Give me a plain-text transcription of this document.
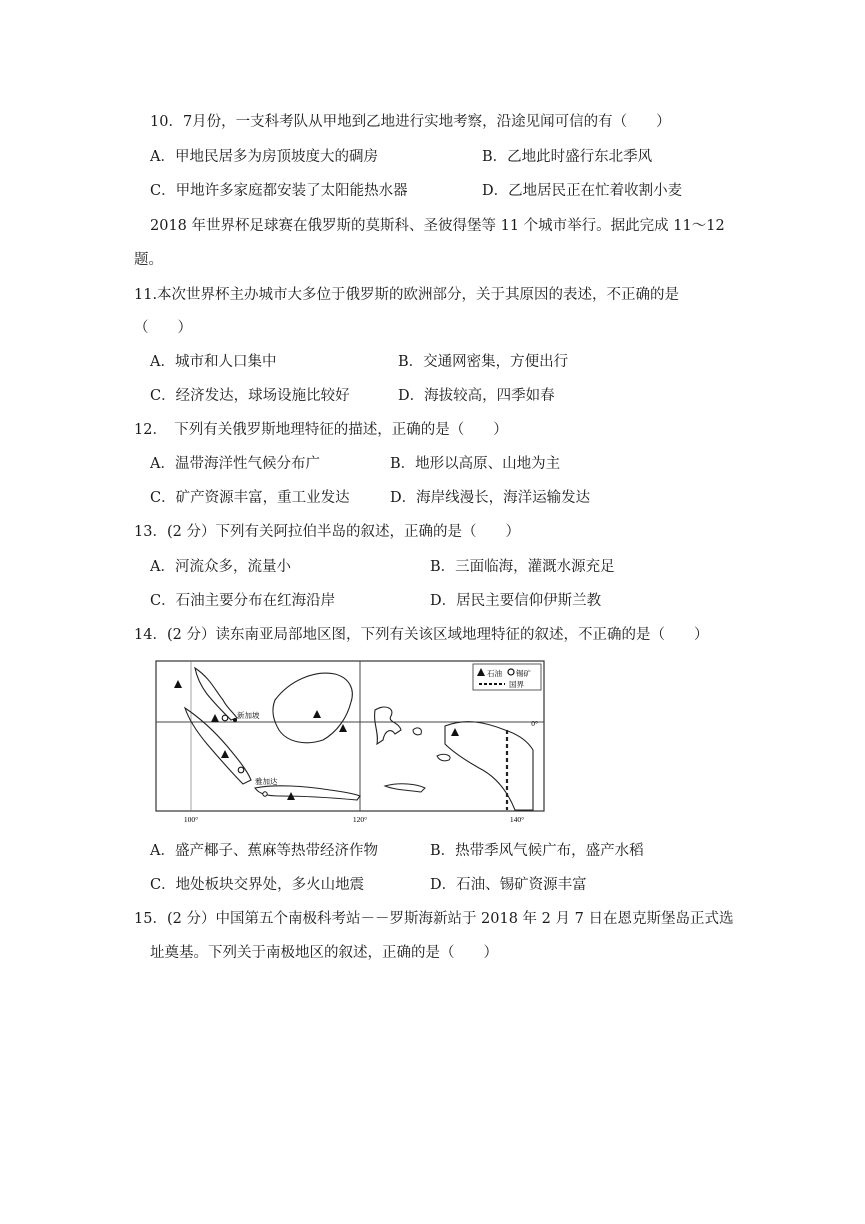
10．7月份，一支科考队从甲地到乙地进行实地考察，沿途见闻可信的有（　　）
A．甲地民居多为房顶坡度大的碉房	B．乙地此时盛行东北季风
C．甲地许多家庭都安装了太阳能热水器	D．乙地居民正在忙着收割小麦
2018 年世界杯足球赛在俄罗斯的莫斯科、圣彼得堡等 11 个城市举行。据此完成 11～12
题。
11.本次世界杯主办城市大多位于俄罗斯的欧洲部分，关于其原因的表述，不正确的是
（　　）
A．城市和人口集中	B．交通网密集，方便出行
C．经济发达，球场设施比较好	D．海拔较高，四季如春
12．　下列有关俄罗斯地理特征的描述，正确的是（　　）
A．温带海洋性气候分布广	B．地形以高原、山地为主
C．矿产资源丰富，重工业发达	D．海岸线漫长，海洋运输发达
13．(2 分）下列有关阿拉伯半岛的叙述，正确的是（　　）
A．河流众多，流量小	B．三面临海，灌溉水源充足
C．石油主要分布在红海沿岸	D．居民主要信仰伊斯兰教
14．(2 分）读东南亚局部地区图，下列有关该区域地理特征的叙述，不正确的是（　　）
石油 锡矿
国界
新加坡
雅加达
0°
100°	120°	140°
A．盛产椰子、蕉麻等热带经济作物	B．热带季风气候广布，盛产水稻
C．地处板块交界处，多火山地震	D．石油、锡矿资源丰富
15．(2 分）中国第五个南极科考站－－罗斯海新站于 2018 年 2 月 7 日在恩克斯堡岛正式选
址奠基。下列关于南极地区的叙述，正确的是（　　）
